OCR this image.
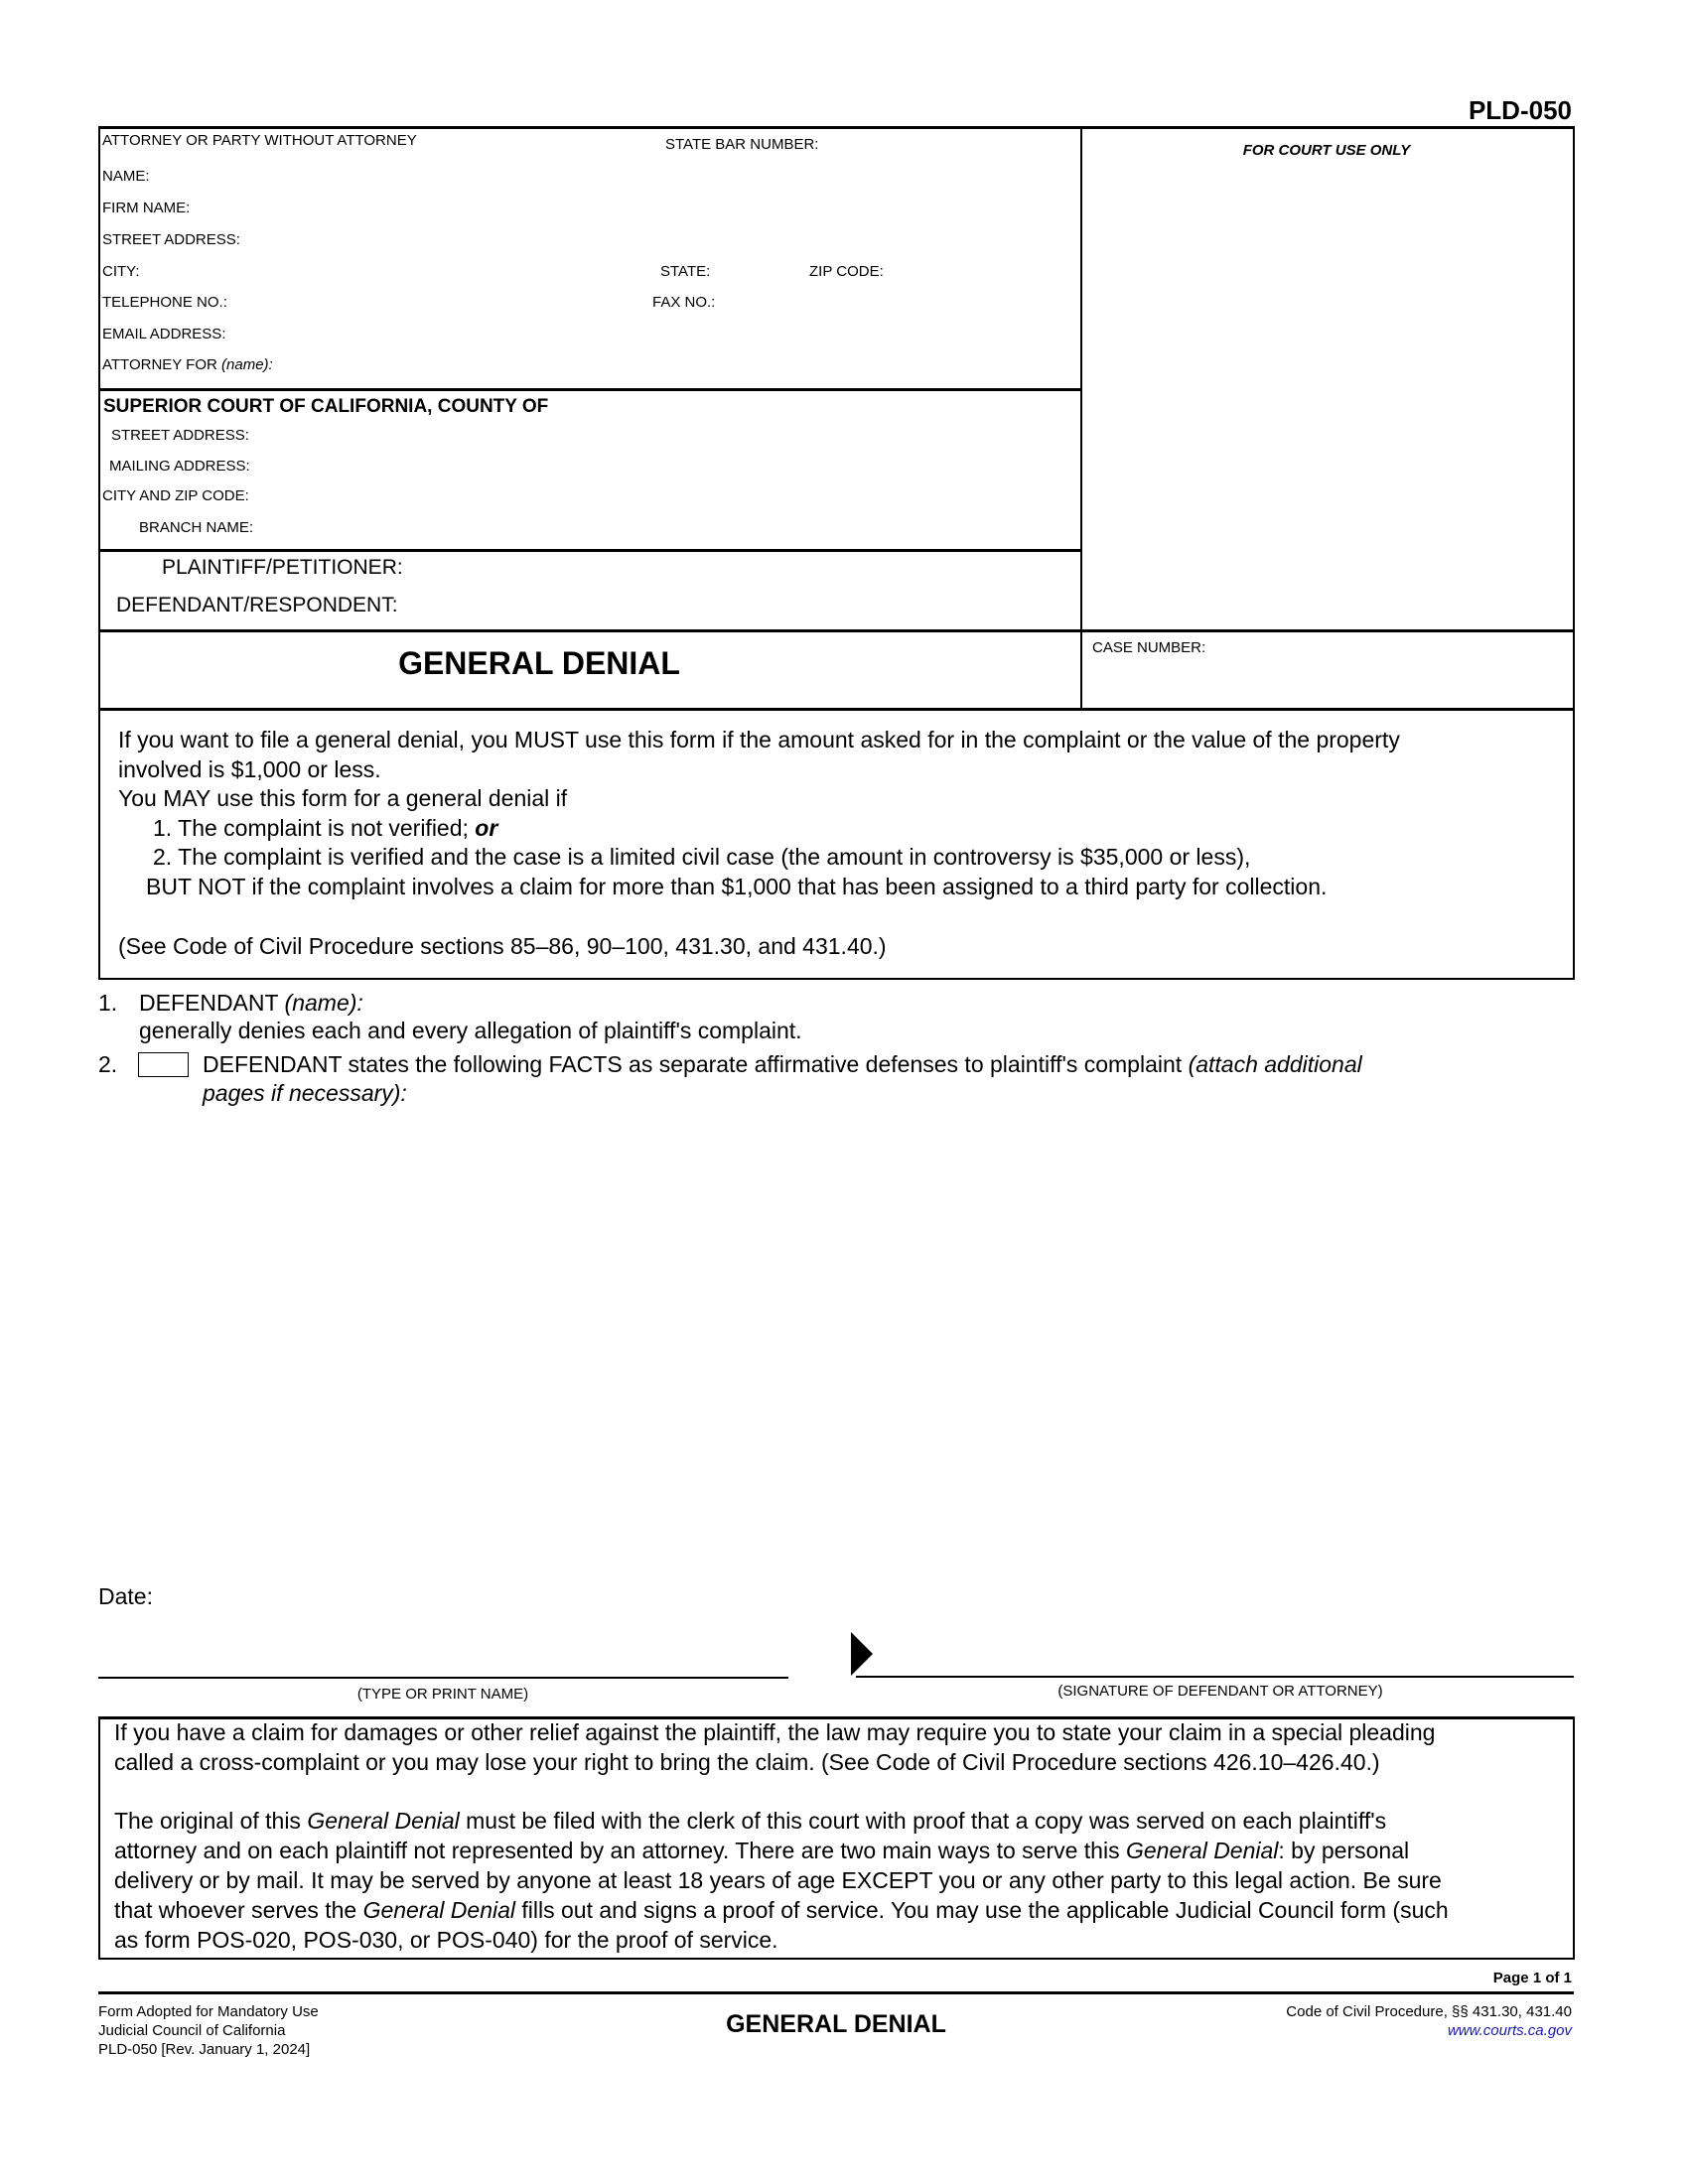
PLD-050
ATTORNEY OR PARTY WITHOUT ATTORNEY	STATE BAR NUMBER:
NAME:
FIRM NAME:
STREET ADDRESS:
CITY:	STATE:	ZIP CODE:
TELEPHONE NO.:	FAX NO.:
EMAIL ADDRESS:
ATTORNEY FOR (name):
FOR COURT USE ONLY
SUPERIOR COURT OF CALIFORNIA, COUNTY OF
STREET ADDRESS:
MAILING ADDRESS:
CITY AND ZIP CODE:
BRANCH NAME:
PLAINTIFF/PETITIONER:
DEFENDANT/RESPONDENT:
GENERAL DENIAL	CASE NUMBER:
If you want to file a general denial, you MUST use this form if the amount asked for in the complaint or the value of the property
involved is $1,000 or less.
You MAY use this form for a general denial if
1. The complaint is not verified; or
2. The complaint is verified and the case is a limited civil case (the amount in controversy is $35,000 or less),
BUT NOT if the complaint involves a claim for more than $1,000 that has been assigned to a third party for collection.
(See Code of Civil Procedure sections 85–86, 90–100, 431.30, and 431.40.)
1. DEFENDANT (name):
generally denies each and every allegation of plaintiff's complaint.
2.	DEFENDANT states the following FACTS as separate affirmative defenses to plaintiff's complaint (attach additional
pages if necessary):
Date:
(TYPE OR PRINT NAME)	(SIGNATURE OF DEFENDANT OR ATTORNEY)
If you have a claim for damages or other relief against the plaintiff, the law may require you to state your claim in a special pleading
called a cross-complaint or you may lose your right to bring the claim. (See Code of Civil Procedure sections 426.10–426.40.)
The original of this General Denial must be filed with the clerk of this court with proof that a copy was served on each plaintiff's
attorney and on each plaintiff not represented by an attorney. There are two main ways to serve this General Denial: by personal
delivery or by mail. It may be served by anyone at least 18 years of age EXCEPT you or any other party to this legal action. Be sure
that whoever serves the General Denial fills out and signs a proof of service. You may use the applicable Judicial Council form (such
as form POS-020, POS-030, or POS-040) for the proof of service.
Page 1 of 1
Form Adopted for Mandatory Use
Judicial Council of California
PLD-050 [Rev. January 1, 2024]
GENERAL DENIAL	Code of Civil Procedure, §§ 431.30, 431.40
www.courts.ca.gov
